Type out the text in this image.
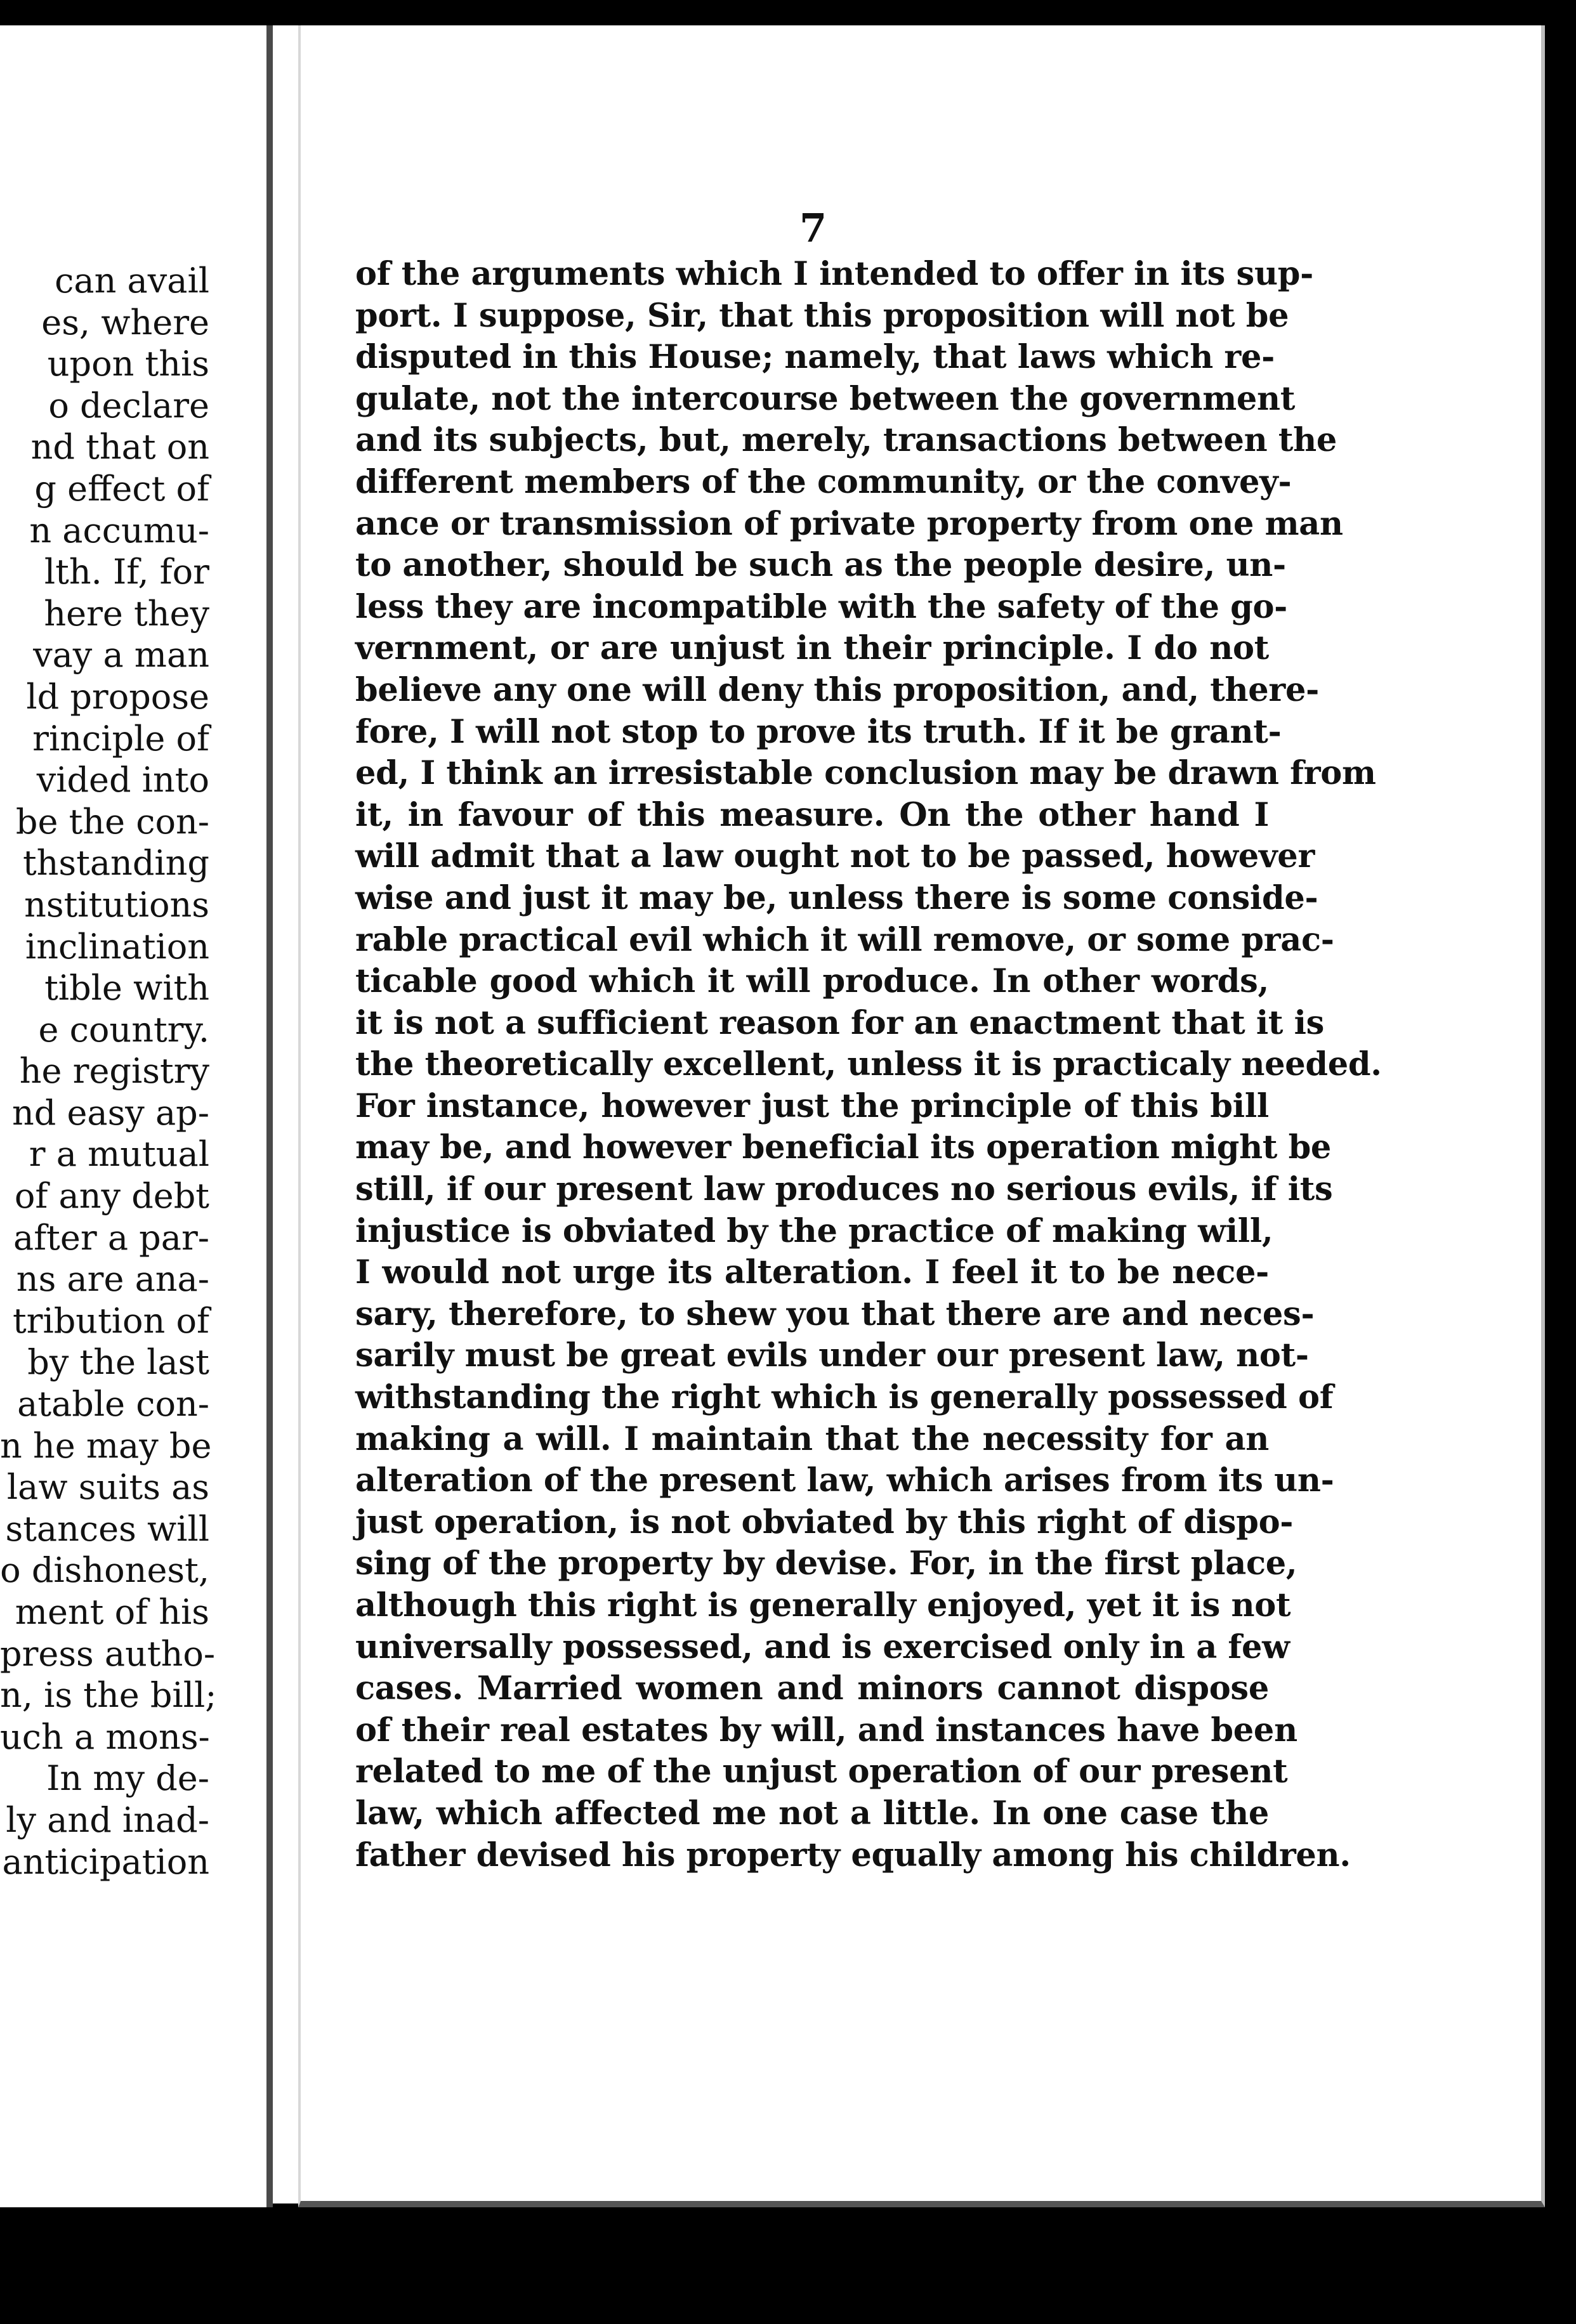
can avail
es, where
upon this
o declare
nd that on
g effect of
n accumu-
lth. If, for
here they
vay a man
ld propose
rinciple of
vided into
be the con-
thstanding
nstitutions
inclination
tible with
e country.
he registry
nd easy ap-
r a mutual
of any debt
after a par-
ns are ana-
tribution of
by the last
atable con-
n he may be
law suits as
stances will
o dishonest,
ment of his
press autho-
n, is the bill;
uch a mons-
In my de-
ly and inad-
anticipation
7
of the arguments which I intended to offer in its sup-
port. I suppose, Sir, that this proposition will not be
disputed in this House; namely, that laws which re-
gulate, not the intercourse between the government
and its subjects, but, merely, transactions between the
different members of the community, or the convey-
ance or transmission of private property from one man
to another, should be such as the people desire, un-
less they are incompatible with the safety of the go-
vernment, or are unjust in their principle. I do not
believe any one will deny this proposition, and, there-
fore, I will not stop to prove its truth. If it be grant-
ed, I think an irresistable conclusion may be drawn from
it, in favour of this measure. On the other hand I
will admit that a law ought not to be passed, however
wise and just it may be, unless there is some conside-
rable practical evil which it will remove, or some prac-
ticable good which it will produce. In other words,
it is not a sufficient reason for an enactment that it is
the theoretically excellent, unless it is practicaly needed.
For instance, however just the principle of this bill
may be, and however beneficial its operation might be
still, if our present law produces no serious evils, if its
injustice is obviated by the practice of making will,
I would not urge its alteration. I feel it to be nece-
sary, therefore, to shew you that there are and neces-
sarily must be great evils under our present law, not-
withstanding the right which is generally possessed of
making a will. I maintain that the necessity for an
alteration of the present law, which arises from its un-
just operation, is not obviated by this right of dispo-
sing of the property by devise. For, in the first place,
although this right is generally enjoyed, yet it is not
universally possessed, and is exercised only in a few
cases. Married women and minors cannot dispose
of their real estates by will, and instances have been
related to me of the unjust operation of our present
law, which affected me not a little. In one case the
father devised his property equally among his children.
